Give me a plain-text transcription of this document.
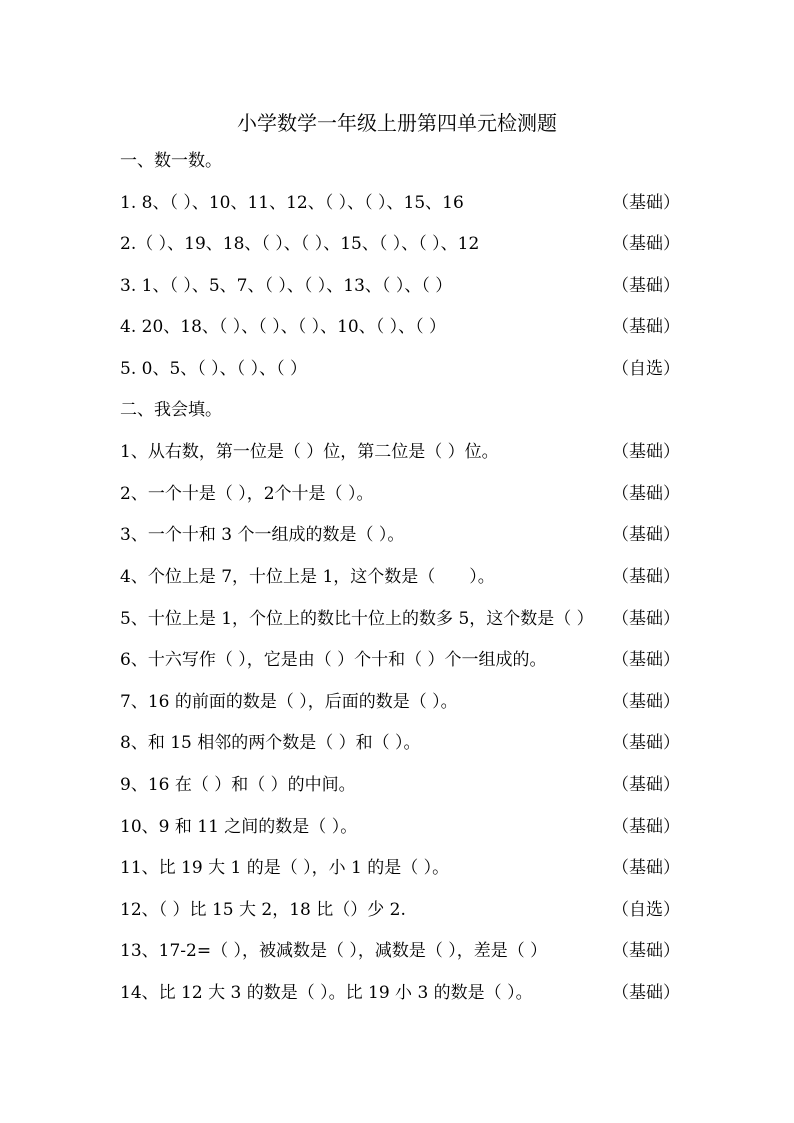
小学数学一年级上册第四单元检测题
一、数一数。
1. 8、（ ）、10、11、12、（ ）、（ ）、15、16	（基础）
2.（ ）、19、18、（ ）、（ ）、15、（ ）、（ ）、12	（基础）
3. 1、（ ）、5、7、（ ）、（ ）、13、（ ）、（ ）	（基础）
4. 20、18、（ ）、（ ）、（ ）、10、（ ）、（ ）	（基础）
5. 0、5、（ ）、（ ）、（ ）	（自选）
二、我会填。
1、从右数，第一位是（ ）位，第二位是（ ）位。	（基础）
2、一个十是（ ），2个十是（ ）。	（基础）
3、一个十和 3 个一组成的数是（ ）。	（基础）
4、个位上是 7，十位上是 1，这个数是（　　）。	（基础）
5、十位上是 1，个位上的数比十位上的数多 5，这个数是（ ）	（基础）
6、十六写作（ ），它是由（ ）个十和（ ）个一组成的。	（基础）
7、16 的前面的数是（ ），后面的数是（ ）。	（基础）
8、和 15 相邻的两个数是（ ）和（ ）。	（基础）
9、16 在（ ）和（ ）的中间。	（基础）
10、9 和 11 之间的数是（ ）。	（基础）
11、比 19 大 1 的是（ ），小 1 的是（ ）。	（基础）
12、（ ）比 15 大 2，18 比（）少 2.	（自选）
13、17-2=（ ），被减数是（ ），减数是（ ），差是（ ）	（基础）
14、比 12 大 3 的数是（ ）。比 19 小 3 的数是（ ）。	（基础）
